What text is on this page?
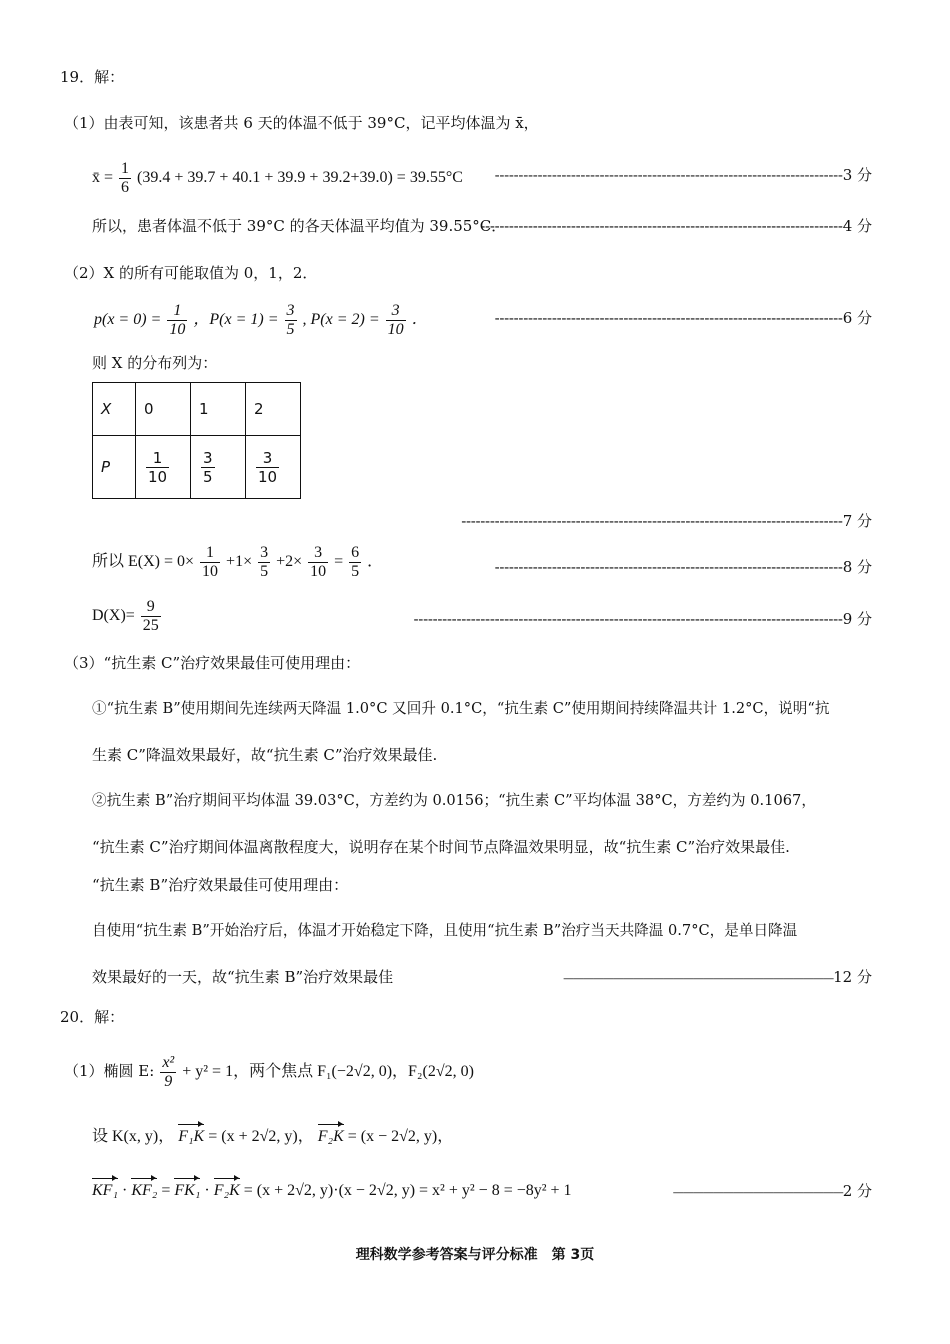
19．解：
（1）由表可知，该患者共 6 天的体温不低于 39°C，记平均体温为 x̄，
x̄ = $\frac{1}{6} (39.4 + 39.7 + 40.1 + 39.9 + 39.2+39.0) = 39.55^\circ C$ -------------------------------------------------------------------------3 分
所以，患者体温不低于 39°C 的各天体温平均值为 39.55°C．
----------------------------------------------------------------------------4 分
（2）X 的所有可能取值为 0，1，2．
$p(x = 0) = \frac{1}{10}$ ，$P(x = 1) = \frac{3}{5}$ , $P(x = 2) = \frac{3}{10}$ ．	-------------------------------------------------------------------------6 分
则 X 的分布列为：
X	0	1	2
P	$\frac{1}{10}$	$\frac{3}{5}$	$\frac{3}{10}$
--------------------------------------------------------------------------------7 分
所以 $E(X) = 0\times \frac{1}{10} +1\times \frac{3}{5} +2\times \frac{3}{10} = \frac{6}{5}$ ．	-------------------------------------------------------------------------8 分
$D(X)= \frac{9}{25}$	------------------------------------------------------------------------------------------9 分
（3）“抗生素 C”治疗效果最佳可使用理由：
①“抗生素 B”使用期间先连续两天降温 1.0°C 又回升 0.1°C，“抗生素 C”使用期间持续降温共计 1.2°C，说明“抗
生素 C”降温效果最好，故“抗生素 C”治疗效果最佳.
②抗生素 B”治疗期间平均体温 39.03°C，方差约为 0.0156；“抗生素 C”平均体温 38°C，方差约为 0.1067，
“抗生素 C”治疗期间体温离散程度大，说明存在某个时间节点降温效果明显，故“抗生素 C”治疗效果最佳.
“抗生素 B”治疗效果最佳可使用理由：
自使用“抗生素 B”开始治疗后，体温才开始稳定下降，且使用“抗生素 B”治疗当天共降温 0.7°C，是单日降温
效果最好的一天，故“抗生素 B”治疗效果最佳	———————————————————————————12 分
20．解：
（1）椭圆 E: $\frac{\text{x²}}{9} + y^2 = 1$，两个焦点 F₁(−2√2, 0)，F₂(2√2, 0)
设 K(x, y)， F₁K = (x + 2√2, y)， F₂K = (x − 2√2, y)，
KF₁ · KF₂ = FK₁ · F₂K = (x + 2√2, y)·(x − 2√2, y) = x² + y² − 8 = −8y² + 1	—————————————————2 分
理科数学参考答案与评分标准　第 3页
